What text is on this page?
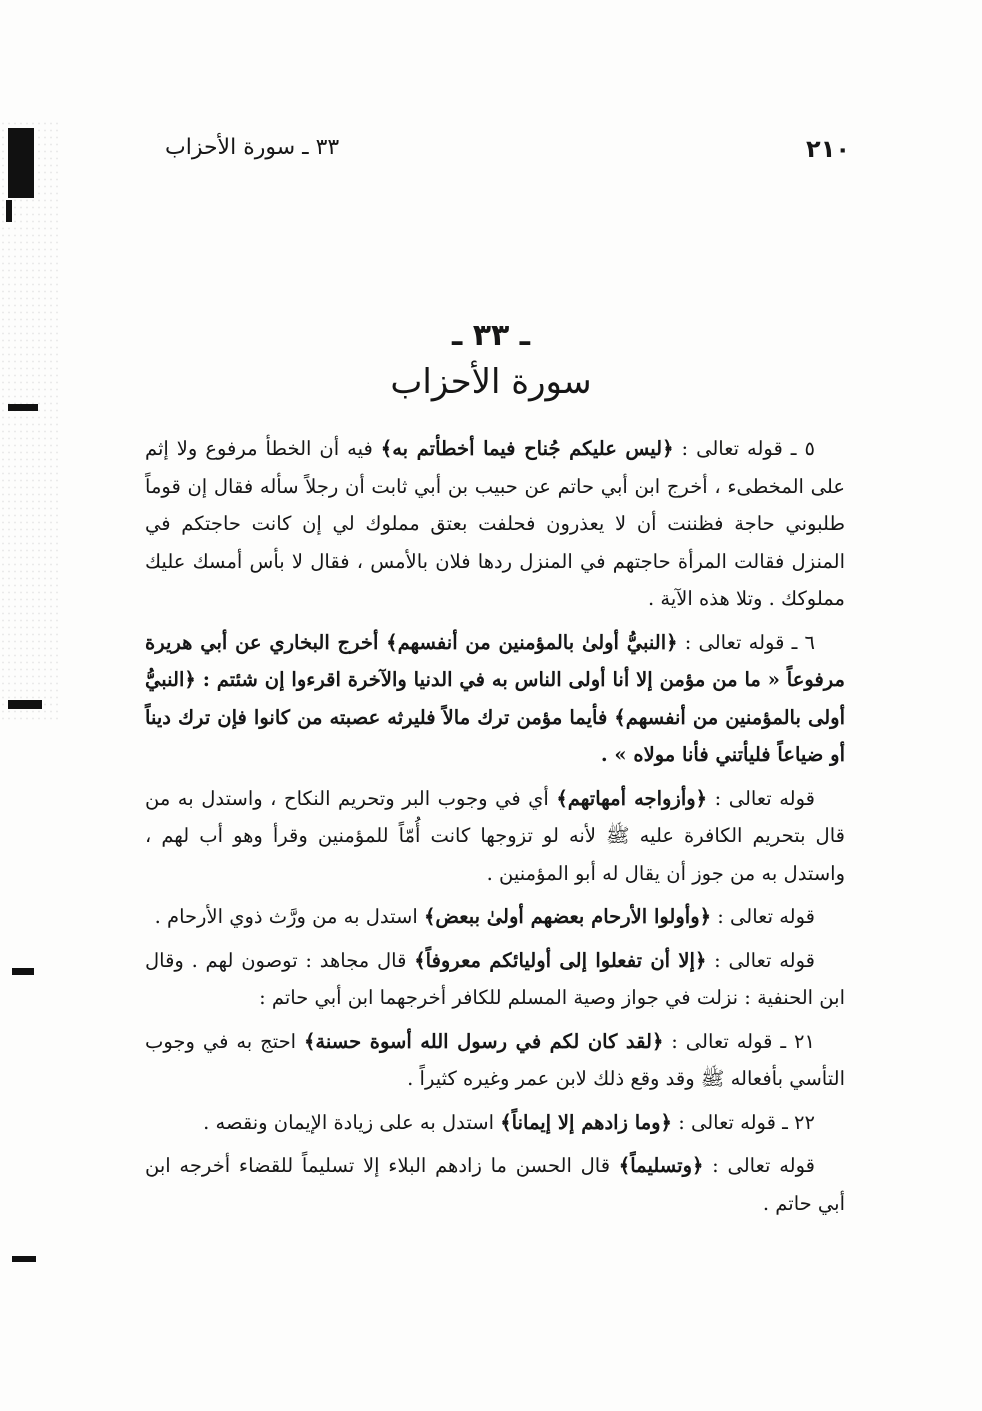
٢١٠
٣٣ ـ سورة الأحزاب
ـ ٣٣ ـ
سورة الأحزاب

٥ ـ قوله تعالى : ﴿ليس عليكم جُناح فيما أخطأتم به﴾ فيه أن الخطأ مرفوع ولا إثم على المخطىء ، أخرج ابن أبي حاتم عن حبيب بن أبي ثابت أن رجلاً سأله فقال إن قوماً طلبوني حاجة فظننت أن لا يعذرون فحلفت بعتق مملوك لي إن كانت حاجتكم في المنزل فقالت المرأة حاجتهم في المنزل ردها فلان بالأمس ، فقال لا بأس أمسك عليك مملوكك . وتلا هذه الآية .

٦ ـ قوله تعالى : ﴿النبيُّ أولىٰ بالمؤمنين من أنفسهم﴾ أخرج البخاري عن أبي هريرة مرفوعاً « ما من مؤمن إلا أنا أولى الناس به في الدنيا والآخرة اقرءوا إن شئتم : ﴿النبيُّ أولى بالمؤمنين من أنفسهم﴾ فأيما مؤمن ترك مالاً فليرثه عصبته من كانوا فإن ترك ديناً أو ضياعاً فليأتني فأنا مولاه » .

قوله تعالى : ﴿وأزواجه أمهاتهم﴾ أي في وجوب البر وتحريم النكاح ، واستدل به من قال بتحريم الكافرة عليه ﷺ لأنه لو تزوجها كانت أُمّاً للمؤمنين وقرأ وهو أب لهم ، واستدل به من جوز أن يقال له أبو المؤمنين .

قوله تعالى : ﴿وأولوا الأرحام بعضهم أولىٰ ببعض﴾ استدل به من ورَّث ذوي الأرحام .

قوله تعالى : ﴿إلا أن تفعلوا إلى أوليائكم معروفاً﴾ قال مجاهد : توصون لهم . وقال ابن الحنفية : نزلت في جواز وصية المسلم للكافر أخرجهما ابن أبي حاتم :

٢١ ـ قوله تعالى : ﴿لقد كان لكم في رسول الله أسوة حسنة﴾ احتج به في وجوب التأسي بأفعاله ﷺ وقد وقع ذلك لابن عمر وغيره كثيراً .

٢٢ ـ قوله تعالى : ﴿وما زادهم إلا إيماناً﴾ استدل به على زيادة الإيمان ونقصه .

قوله تعالى : ﴿وتسليماً﴾ قال الحسن ما زادهم البلاء إلا تسليماً للقضاء أخرجه ابن أبي حاتم .
